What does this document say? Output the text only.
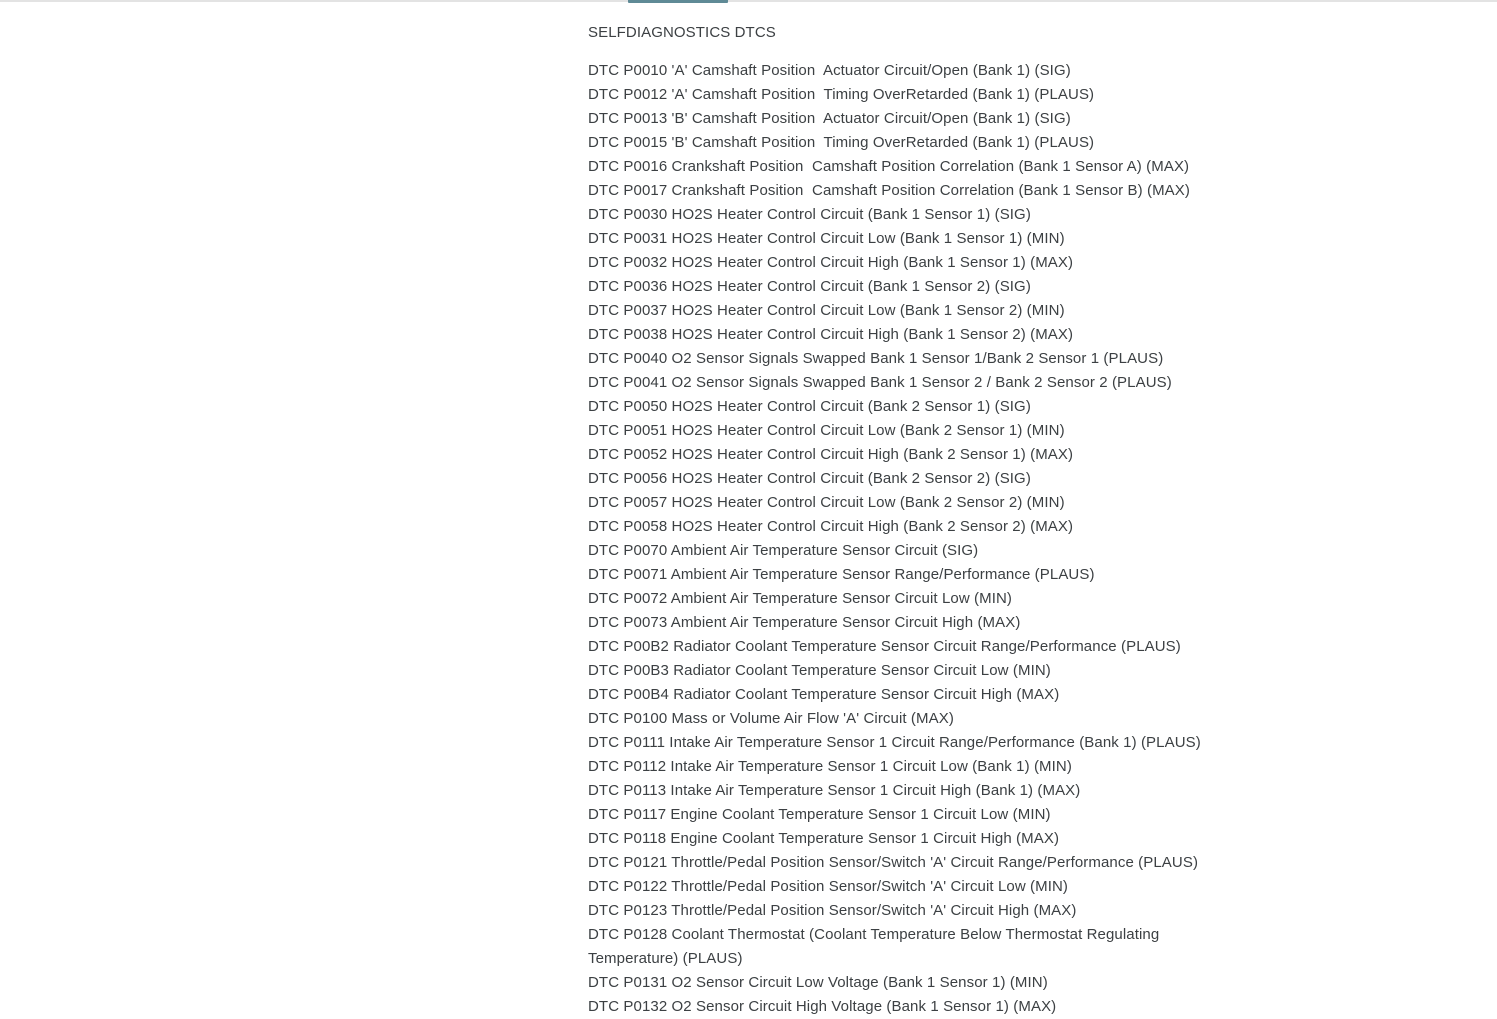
SELFDIAGNOSTICS DTCS
DTC P0010 'A' Camshaft Position  Actuator Circuit/Open (Bank 1) (SIG)
DTC P0012 'A' Camshaft Position  Timing OverRetarded (Bank 1) (PLAUS)
DTC P0013 'B' Camshaft Position  Actuator Circuit/Open (Bank 1) (SIG)
DTC P0015 'B' Camshaft Position  Timing OverRetarded (Bank 1) (PLAUS)
DTC P0016 Crankshaft Position  Camshaft Position Correlation (Bank 1 Sensor A) (MAX)
DTC P0017 Crankshaft Position  Camshaft Position Correlation (Bank 1 Sensor B) (MAX)
DTC P0030 HO2S Heater Control Circuit (Bank 1 Sensor 1) (SIG)
DTC P0031 HO2S Heater Control Circuit Low (Bank 1 Sensor 1) (MIN)
DTC P0032 HO2S Heater Control Circuit High (Bank 1 Sensor 1) (MAX)
DTC P0036 HO2S Heater Control Circuit (Bank 1 Sensor 2) (SIG)
DTC P0037 HO2S Heater Control Circuit Low (Bank 1 Sensor 2) (MIN)
DTC P0038 HO2S Heater Control Circuit High (Bank 1 Sensor 2) (MAX)
DTC P0040 O2 Sensor Signals Swapped Bank 1 Sensor 1/Bank 2 Sensor 1 (PLAUS)
DTC P0041 O2 Sensor Signals Swapped Bank 1 Sensor 2 / Bank 2 Sensor 2 (PLAUS)
DTC P0050 HO2S Heater Control Circuit (Bank 2 Sensor 1) (SIG)
DTC P0051 HO2S Heater Control Circuit Low (Bank 2 Sensor 1) (MIN)
DTC P0052 HO2S Heater Control Circuit High (Bank 2 Sensor 1) (MAX)
DTC P0056 HO2S Heater Control Circuit (Bank 2 Sensor 2) (SIG)
DTC P0057 HO2S Heater Control Circuit Low (Bank 2 Sensor 2) (MIN)
DTC P0058 HO2S Heater Control Circuit High (Bank 2 Sensor 2) (MAX)
DTC P0070 Ambient Air Temperature Sensor Circuit (SIG)
DTC P0071 Ambient Air Temperature Sensor Range/Performance (PLAUS)
DTC P0072 Ambient Air Temperature Sensor Circuit Low (MIN)
DTC P0073 Ambient Air Temperature Sensor Circuit High (MAX)
DTC P00B2 Radiator Coolant Temperature Sensor Circuit Range/Performance (PLAUS)
DTC P00B3 Radiator Coolant Temperature Sensor Circuit Low (MIN)
DTC P00B4 Radiator Coolant Temperature Sensor Circuit High (MAX)
DTC P0100 Mass or Volume Air Flow 'A' Circuit (MAX)
DTC P0111 Intake Air Temperature Sensor 1 Circuit Range/Performance (Bank 1) (PLAUS)
DTC P0112 Intake Air Temperature Sensor 1 Circuit Low (Bank 1) (MIN)
DTC P0113 Intake Air Temperature Sensor 1 Circuit High (Bank 1) (MAX)
DTC P0117 Engine Coolant Temperature Sensor 1 Circuit Low (MIN)
DTC P0118 Engine Coolant Temperature Sensor 1 Circuit High (MAX)
DTC P0121 Throttle/Pedal Position Sensor/Switch 'A' Circuit Range/Performance (PLAUS)
DTC P0122 Throttle/Pedal Position Sensor/Switch 'A' Circuit Low (MIN)
DTC P0123 Throttle/Pedal Position Sensor/Switch 'A' Circuit High (MAX)
DTC P0128 Coolant Thermostat (Coolant Temperature Below Thermostat Regulating Temperature) (PLAUS)
DTC P0131 O2 Sensor Circuit Low Voltage (Bank 1 Sensor 1) (MIN)
DTC P0132 O2 Sensor Circuit High Voltage (Bank 1 Sensor 1) (MAX)
